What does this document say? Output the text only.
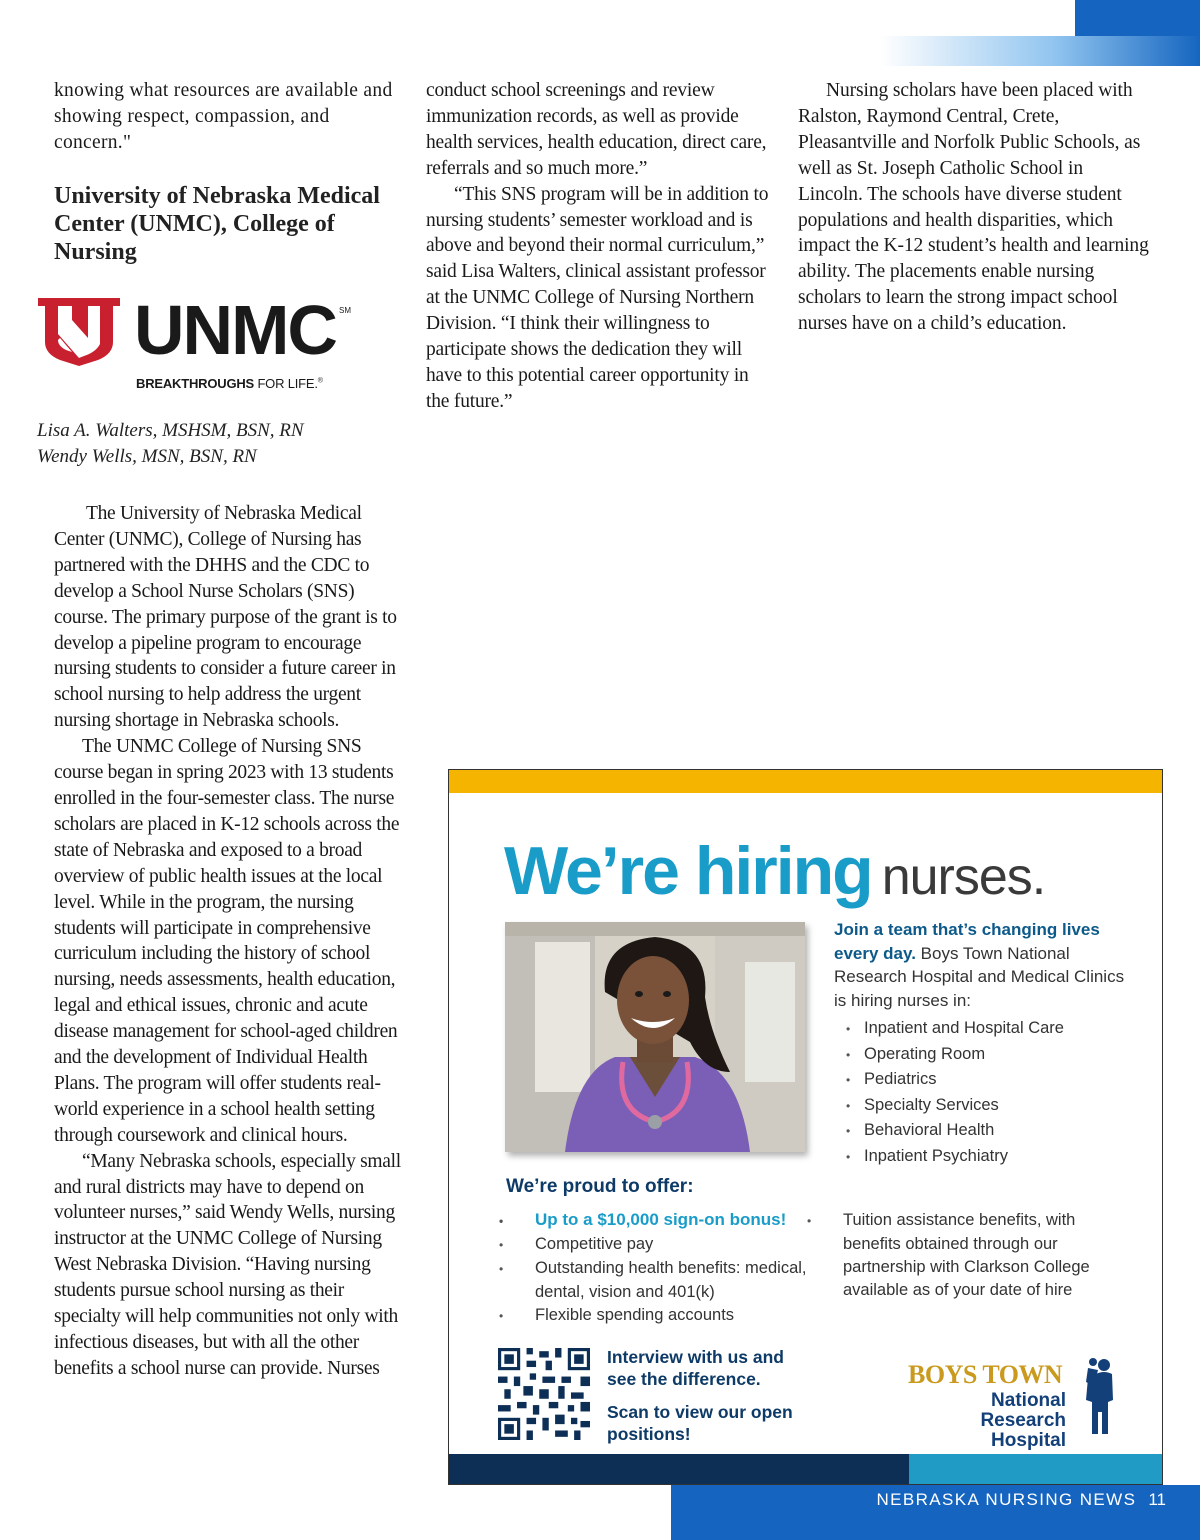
knowing what resources are available and showing respect, compassion, and concern."

University of Nebraska Medical Center (UNMC), College of Nursing
UNMC SM
BREAKTHROUGHS FOR LIFE.®
Lisa A. Walters, MSHSM, BSN, RN
Wendy Wells, MSN, BSN, RN

The University of Nebraska Medical Center (UNMC), College of Nursing has partnered with the DHHS and the CDC to develop a School Nurse Scholars (SNS) course. The primary purpose of the grant is to develop a pipeline program to encourage nursing students to consider a future career in school nursing to help address the urgent nursing shortage in Nebraska schools.

The UNMC College of Nursing SNS course began in spring 2023 with 13 students enrolled in the four-semester class. The nurse scholars are placed in K-12 schools across the state of Nebraska and exposed to a broad overview of public health issues at the local level. While in the program, the nursing students will participate in comprehensive curriculum including the history of school nursing, needs assessments, health education, legal and ethical issues, chronic and acute disease management for school-aged children and the development of Individual Health Plans. The program will offer students real-world experience in a school health setting through coursework and clinical hours.

“Many Nebraska schools, especially small and rural districts may have to depend on volunteer nurses,” said Wendy Wells, nursing instructor at the UNMC College of Nursing West Nebraska Division. “Having nursing students pursue school nursing as their specialty will help communities not only with infectious diseases, but with all the other benefits a school nurse can provide. Nurses

conduct school screenings and review immunization records, as well as provide health services, health education, direct care, referrals and so much more.”

“This SNS program will be in addition to nursing students’ semester workload and is above and beyond their normal curriculum,” said Lisa Walters, clinical assistant professor at the UNMC College of Nursing Northern Division. “I think their willingness to participate shows the dedication they will have to this potential career opportunity in the future.”

Nursing scholars have been placed with Ralston, Raymond Central, Crete, Pleasantville and Norfolk Public Schools, as well as St. Joseph Catholic School in Lincoln. The schools have diverse student populations and health disparities, which impact the K-12 student’s health and learning ability. The placements enable nursing scholars to learn the strong impact school nurses have on a child’s education.

We’re hiring nurses.
Join a team that’s changing lives every day. Boys Town National Research Hospital and Medical Clinics is hiring nurses in:
• Inpatient and Hospital Care
• Operating Room
• Pediatrics
• Specialty Services
• Behavioral Health
• Inpatient Psychiatry
We’re proud to offer:
• Up to a $10,000 sign-on bonus!
• Competitive pay
• Outstanding health benefits: medical, dental, vision and 401(k)
• Flexible spending accounts
• Tuition assistance benefits, with benefits obtained through our partnership with Clarkson College available as of your date of hire

Interview with us and see the difference.

Scan to view our open positions!

BOYS TOWN
National Research
Hospital
NEBRASKA NURSING NEWS 11
